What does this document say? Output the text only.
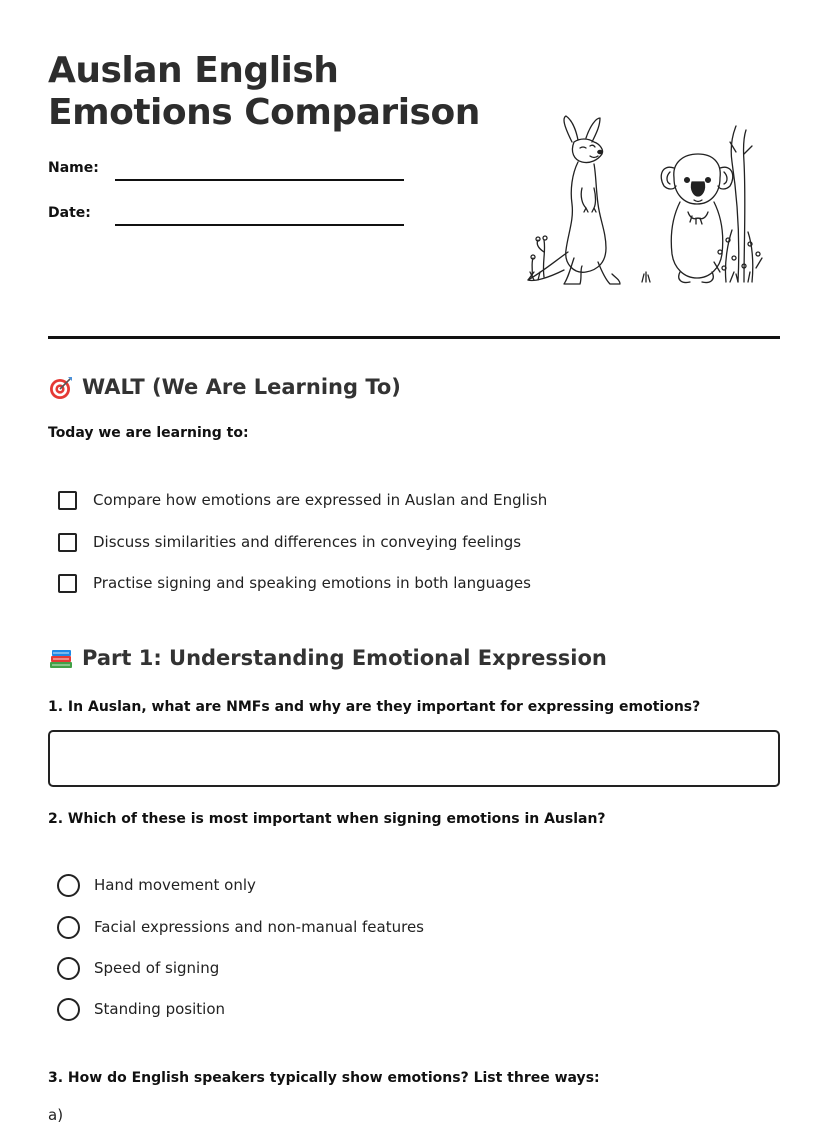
Auslan English Emotions Comparison
Name:
Date:
WALT (We Are Learning To)
Today we are learning to:
Compare how emotions are expressed in Auslan and English
Discuss similarities and differences in conveying feelings
Practise signing and speaking emotions in both languages
Part 1: Understanding Emotional Expression
1. In Auslan, what are NMFs and why are they important for expressing emotions?
2. Which of these is most important when signing emotions in Auslan?
Hand movement only
Facial expressions and non-manual features
Speed of signing
Standing position
3. How do English speakers typically show emotions? List three ways:
a)
